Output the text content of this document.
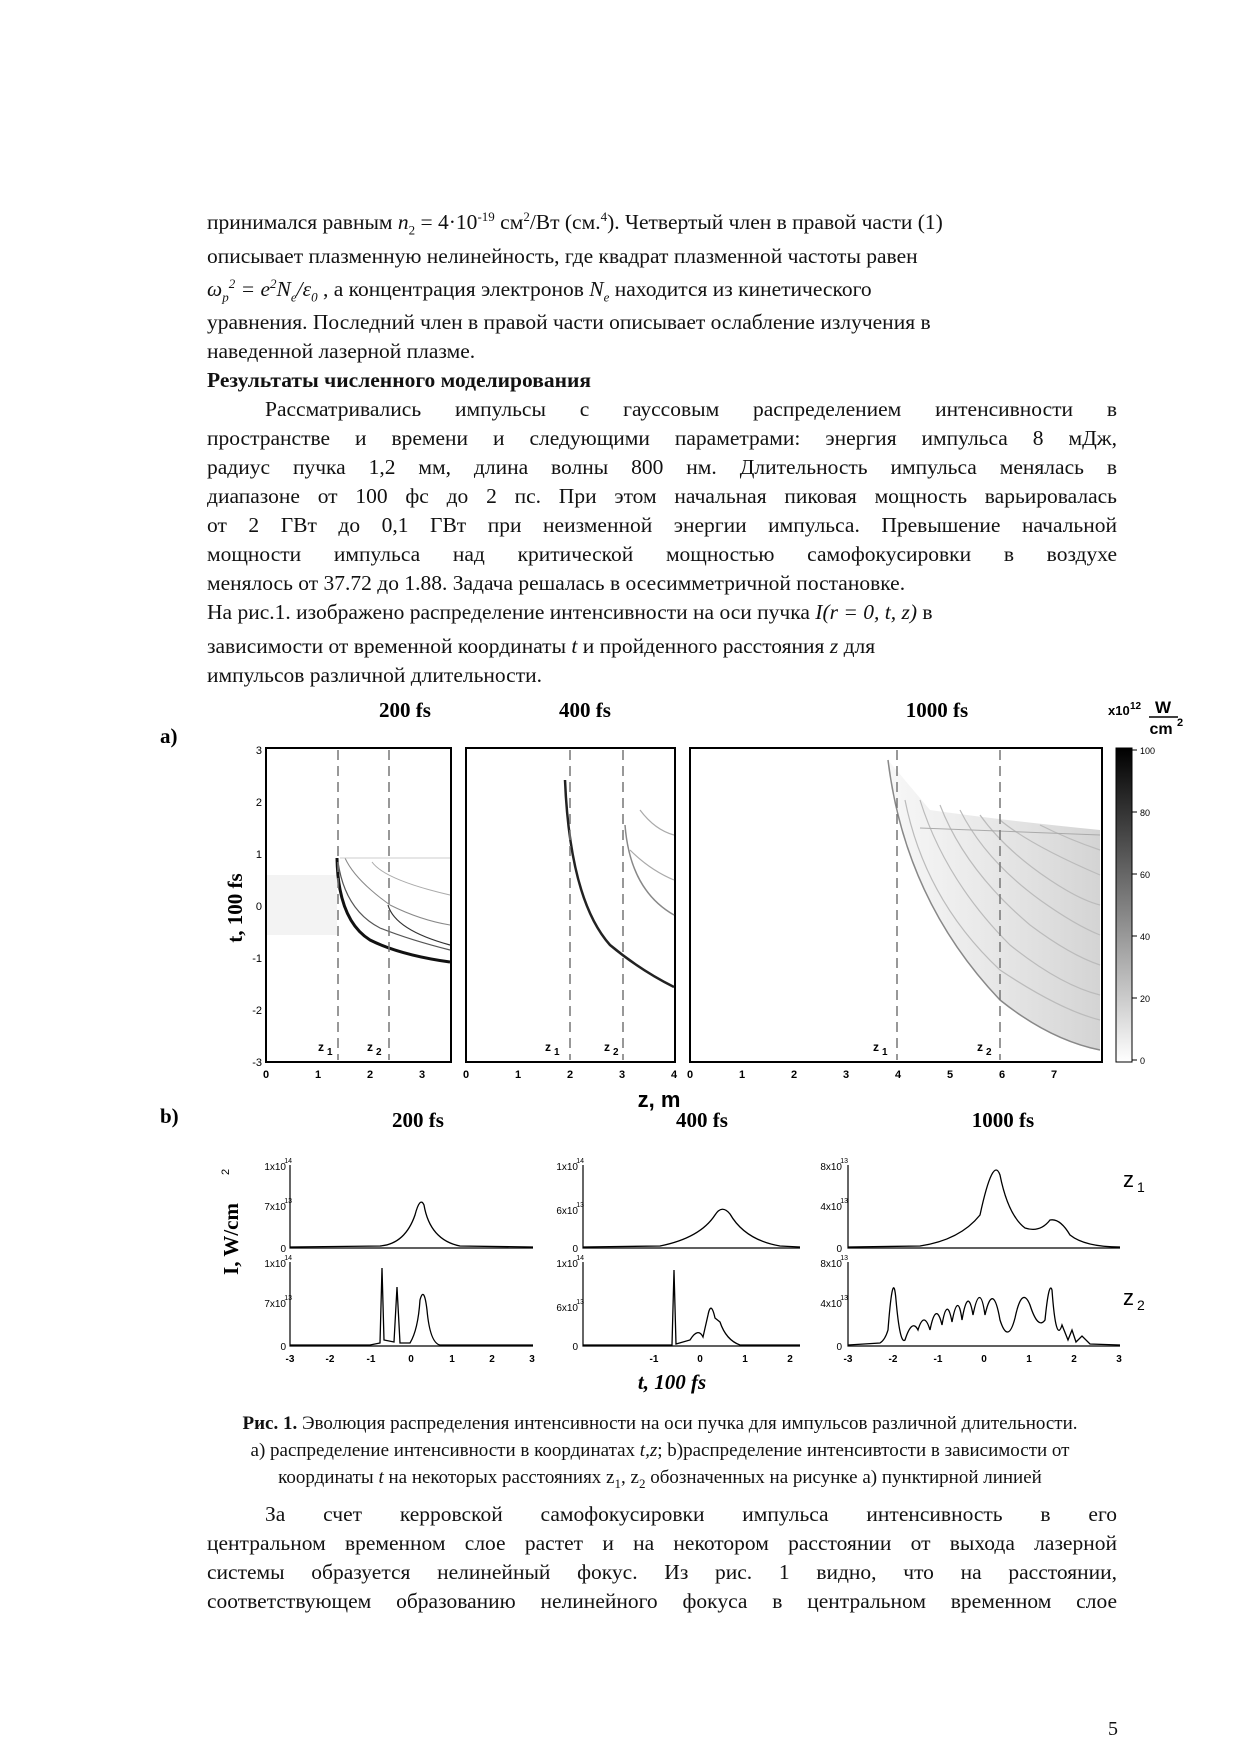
принимался равным $n_2 = 4\cdot 10^{-19}$ $см^2/Вт$ (см.$^4$). Четвертый член в правой части (1)
описывает плазменную нелинейность, где квадрат плазменной частоты равен
$\omega_p^2 = e^2N_e/\varepsilon_0$ , а концентрация электронов $N_e$ находится из кинетического
уравнения. Последний член в правой части описывает ослабление излучения в
наведенной лазерной плазме.
Результаты численного моделирования
Рассматривались импульсы с гауссовым распределением интенсивности в
пространстве и времени и следующими параметрами: энергия импульса 8 мДж,
радиус пучка 1,2 мм, длина волны 800 нм. Длительность импульса менялась в
диапазоне от 100 фс до 2 пс. При этом начальная пиковая мощность варьировалась
от 2 ГВт до 0,1 ГВт при неизменной энергии импульса. Превышение начальной
мощности импульса над критической мощностью самофокусировки в воздухе
менялось от 37.72 до 1.88. Задача решалась в осесимметричной постановке.
На рис.1. изображено распределение интенсивности на оси пучка I(r = 0, t, z) в
зависимости от временной координаты t и пройденного расстояния z для
импульсов различной длительности.
a)
b)
200 fs	400 fs	1000 fs	x10 12 W
cm 2
z 1	z 2	z 1	z 2	z 1	z 2
100
80
60
40
20
0
3
2
1
0
-1
-2
-3
t, 100 fs
0	1	2	3	0	1	2	3	4 0	1	2	3	4	5	6	7
z, m
200 fs	400 fs	1000 fs
I, W/cm
2	1x10
14
7x10
13
0
1x10
14
7x10
13
0
1x10
14
6x10
13
0
1x10
14
6x10
13
0
8x10
13
4x10
13
0
8x10
13
4x10
13
0
-3	-2	-1	0	1	2	3	-1	0	1	2	-3	-2	-1	0	1	2	3
t, 100 fs
z 1
z 2
Рис. 1. Эволюция распределения интенсивности на оси пучка для импульсов различной длительности.
а) распределение интенсивности в координатах t,z; b)распределение интенсивтости в зависимости от
координаты t на некоторых расстояниях $z_1$, $z_2$ обозначенных на рисунке а) пунктирной линией
За счет керровской самофокусировки импульса интенсивность в его
центральном временном слое растет и на некотором расстоянии от выхода лазерной
системы образуется нелинейный фокус. Из рис. 1 видно, что на расстоянии,
соответствующем образованию нелинейного фокуса в центральном временном слое
5
